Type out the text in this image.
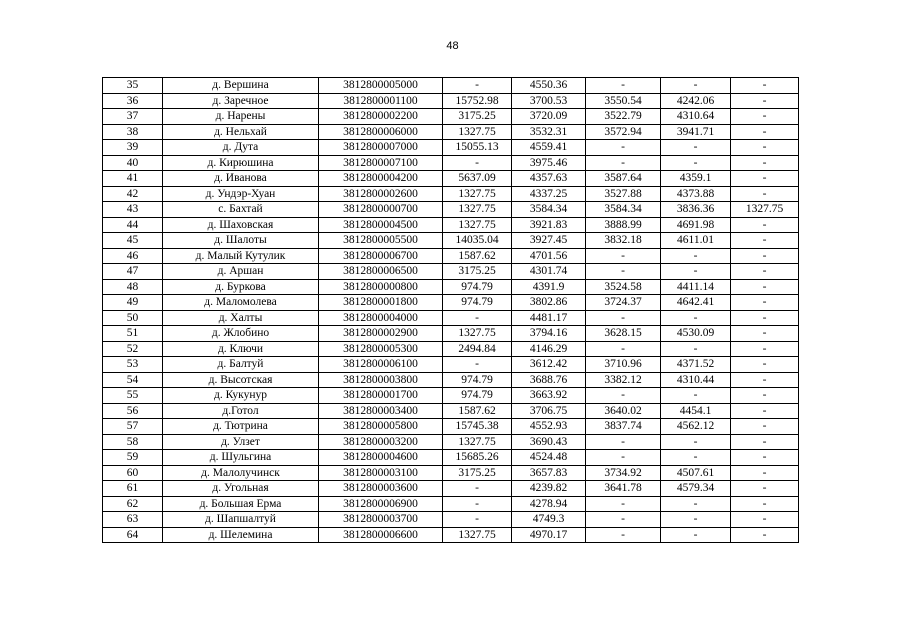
48
35	д. Вершина	3812800005000	-	4550.36	-	-	-
36	д. Заречное	3812800001100	15752.98	3700.53	3550.54	4242.06	-
37	д. Нарены	3812800002200	3175.25	3720.09	3522.79	4310.64	-
38	д. Нельхай	3812800006000	1327.75	3532.31	3572.94	3941.71	-
39	д. Дута	3812800007000	15055.13	4559.41	-	-	-
40	д. Кирюшина	3812800007100	-	3975.46	-	-	-
41	д. Иванова	3812800004200	5637.09	4357.63	3587.64	4359.1	-
42	д. Ундэр-Хуан	3812800002600	1327.75	4337.25	3527.88	4373.88	-
43	с. Бахтай	3812800000700	1327.75	3584.34	3584.34	3836.36	1327.75
44	д. Шаховская	3812800004500	1327.75	3921.83	3888.99	4691.98	-
45	д. Шалоты	3812800005500	14035.04	3927.45	3832.18	4611.01	-
46	д. Малый Кутулик	3812800006700	1587.62	4701.56	-	-	-
47	д. Аршан	3812800006500	3175.25	4301.74	-	-	-
48	д. Буркова	3812800000800	974.79	4391.9	3524.58	4411.14	-
49	д. Маломолева	3812800001800	974.79	3802.86	3724.37	4642.41	-
50	д. Халты	3812800004000	-	4481.17	-	-	-
51	д. Жлобино	3812800002900	1327.75	3794.16	3628.15	4530.09	-
52	д. Ключи	3812800005300	2494.84	4146.29	-	-	-
53	д. Балтуй	3812800006100	-	3612.42	3710.96	4371.52	-
54	д. Высотская	3812800003800	974.79	3688.76	3382.12	4310.44	-
55	д. Кукунур	3812800001700	974.79	3663.92	-	-	-
56	д.Готол	3812800003400	1587.62	3706.75	3640.02	4454.1	-
57	д. Тютрина	3812800005800	15745.38	4552.93	3837.74	4562.12	-
58	д. Улзет	3812800003200	1327.75	3690.43	-	-	-
59	д. Шульгина	3812800004600	15685.26	4524.48	-	-	-
60	д. Малолучинск	3812800003100	3175.25	3657.83	3734.92	4507.61	-
61	д. Угольная	3812800003600	-	4239.82	3641.78	4579.34	-
62	д. Большая Ерма	3812800006900	-	4278.94	-	-	-
63	д. Шапшалтуй	3812800003700	-	4749.3	-	-	-
64	д. Шелемина	3812800006600	1327.75	4970.17	-	-	-
